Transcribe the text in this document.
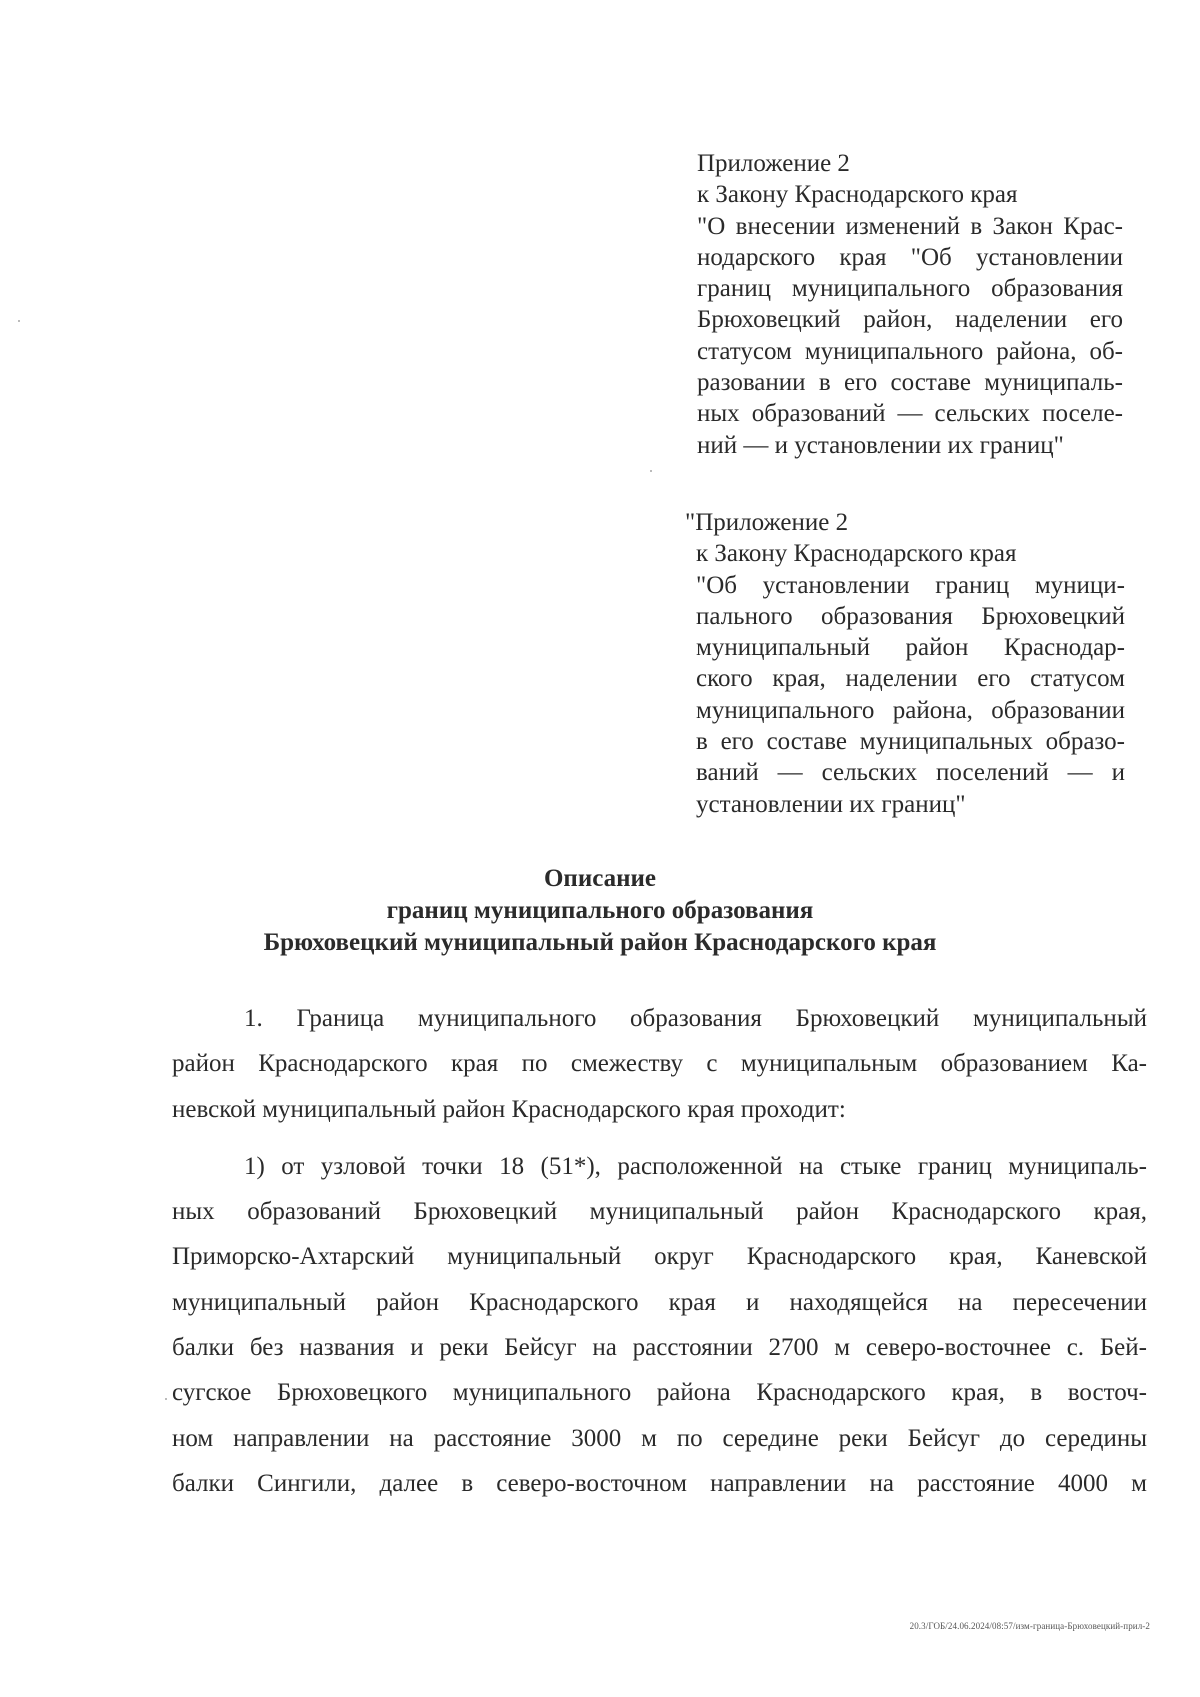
Приложение 2
к Закону Краснодарского края
"О внесении изменений в Закон Крас-
нодарского края "Об установлении
границ муниципального образования
Брюховецкий район, наделении его
статусом муниципального района, об-
разовании в его составе муниципаль-
ных образований — сельских поселе-
ний — и установлении их границ"
"Приложение 2
к Закону Краснодарского края
"Об установлении границ муници-
пального образования Брюховецкий
муниципальный район Краснодар-
ского края, наделении его статусом
муниципального района, образовании
в его составе муниципальных образо-
ваний — сельских поселений — и
установлении их границ"
Описание
границ муниципального образования
Брюховецкий муниципальный район Краснодарского края
1. Граница муниципального образования Брюховецкий муниципальный
район Краснодарского края по смежеству с муниципальным образованием Ка-
невской муниципальный район Краснодарского края проходит:
1) от узловой точки 18 (51*), расположенной на стыке границ муниципаль-
ных образований Брюховецкий муниципальный район Краснодарского края,
Приморско-Ахтарский муниципальный округ Краснодарского края, Каневской
муниципальный район Краснодарского края и находящейся на пересечении
балки без названия и реки Бейсуг на расстоянии 2700 м северо-восточнее с. Бей-
сугское Брюховецкого муниципального района Краснодарского края, в восточ-
ном направлении на расстояние 3000 м по середине реки Бейсуг до середины
балки Сингили, далее в северо-восточном направлении на расстояние 4000 м
20.3/ГОБ/24.06.2024/08:57/изм-граница-Брюховецкий-прил-2
